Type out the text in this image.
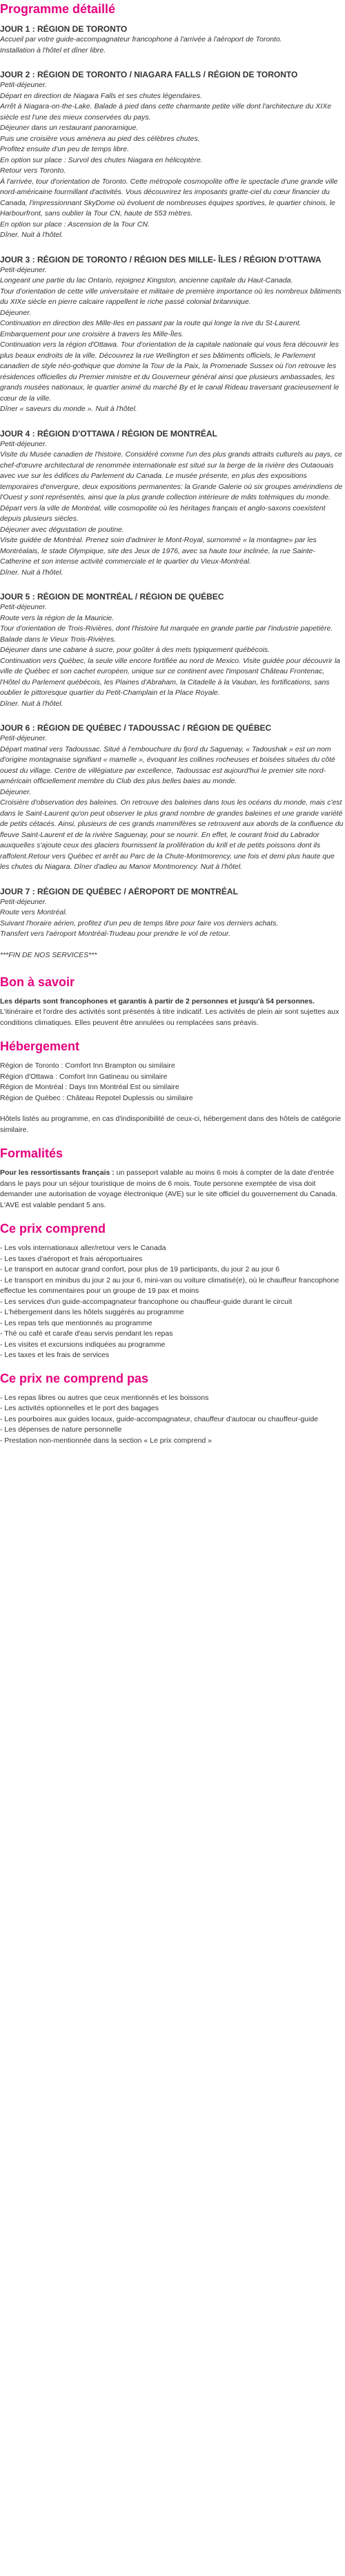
Programme détaillé

JOUR 1 : RÉGION DE TORONTO

Accueil par votre guide-accompagnateur francophone à l'arrivée à l'aéroport de Toronto.

Installation à l'hôtel et dîner libre.

JOUR 2 : RÉGION DE TORONTO / NIAGARA FALLS / RÉGION DE TORONTO

Petit-déjeuner.

Départ en direction de Niagara Falls et ses chutes légendaires.

Arrêt à Niagara-on-the-Lake. Balade à pied dans cette charmante petite ville dont l'architecture du XIXe siècle est l'une des mieux conservées du pays.

Déjeuner dans un restaurant panoramique.

Puis une croisière vous amènera au pied des célèbres chutes.

Profitez ensuite d'un peu de temps libre.

En option sur place : Survol des chutes Niagara en hélicoptère.

Retour vers Toronto.

À l'arrivée, tour d'orientation de Toronto. Cette métropole cosmopolite offre le spectacle d'une grande ville nord-américaine fourmillant d'activités. Vous découvrirez les imposants gratte-ciel du cœur financier du Canada, l'impressionnant SkyDome où évoluent de nombreuses équipes sportives, le quartier chinois, le Harbourfront, sans oublier la Tour CN, haute de 553 mètres.

En option sur place : Ascension de la Tour CN.

Dîner. Nuit à l'hôtel.

JOUR 3 : RÉGION DE TORONTO / RÉGION DES MILLE- ÎLES / RÉGION D'OTTAWA

Petit-déjeuner.

Longeant une partie du lac Ontario, rejoignez Kingston, ancienne capitale du Haut-Canada.

Tour d'orientation de cette ville universitaire et militaire de première importance où les nombreux bâtiments du XIXe siècle en pierre calcaire rappellent le riche passé colonial britannique.

Déjeuner.

Continuation en direction des Mille-Iles en passant par la route qui longe la rive du St-Laurent.

Embarquement pour une croisière à travers les Mille-Îles.

Continuation vers la région d'Ottawa. Tour d'orientation de la capitale nationale qui vous fera découvrir les plus beaux endroits de la ville. Découvrez la rue Wellington et ses bâtiments officiels, le Parlement canadien de style néo-gothique que domine la Tour de la Paix, la Promenade Sussex où l'on retrouve les résidences officielles du Premier ministre et du Gouverneur général ainsi que plusieurs ambassades, les grands musées nationaux, le quartier animé du marché By et le canal Rideau traversant gracieusement le cœur de la ville.

Dîner « saveurs du monde ». Nuit à l'hôtel.

JOUR 4 : RÉGION D'OTTAWA / RÉGION DE MONTRÉAL

Petit-déjeuner.

Visite du Musée canadien de l'histoire. Considéré comme l'un des plus grands attraits culturels au pays, ce chef-d'œuvre architectural de renommée internationale est situé sur la berge de la rivière des Outaouais avec vue sur les édifices du Parlement du Canada. Le musée présente, en plus des expositions temporaires d'envergure, deux expositions permanentes: la Grande Galerie où six groupes amérindiens de l'Ouest y sont représentés, ainsi que la plus grande collection intérieure de mâts totémiques du monde.

Départ vers la ville de Montréal, ville cosmopolite où les héritages français et anglo-saxons coexistent depuis plusieurs siècles.

Déjeuner avec dégustation de poutine.

Visite guidée de Montréal. Prenez soin d'admirer le Mont-Royal, surnommé « la montagne» par les Montréalais, le stade Olympique, site des Jeux de 1976, avec sa haute tour inclinée, la rue Sainte-Catherine et son intense activité commerciale et le quartier du Vieux-Montréal.

Dîner. Nuit à l'hôtel.

JOUR 5 : RÉGION DE MONTRÉAL / RÉGION DE QUÉBEC

Petit-déjeuner.

Route vers la région de la Mauricie.

Tour d'orientation de Trois-Rivières, dont l'histoire fut marquée en grande partie par l'industrie papetière. Balade dans le Vieux Trois-Rivières.

Déjeuner dans une cabane à sucre, pour goûter à des mets typiquement québécois.

Continuation vers Québec, la seule ville encore fortifiée au nord de Mexico. Visite guidée pour découvrir la ville de Québec et son cachet européen, unique sur ce continent avec l'imposant Château Frontenac, l'Hôtel du Parlement québécois, les Plaines d'Abraham, la Citadelle à la Vauban, les fortifications, sans oublier le pittoresque quartier du Petit-Champlain et la Place Royale.

Dîner. Nuit à l'hôtel.

JOUR 6 : RÉGION DE QUÉBEC / TADOUSSAC / RÉGION DE QUÉBEC

Petit-déjeuner.

Départ matinal vers Tadoussac. Situé à l'embouchure du fjord du Saguenay, « Tadoushak » est un nom d'origine montagnaise signifiant « mamelle », évoquant les collines rocheuses et boisées situées du côté ouest du village. Centre de villégiature par excellence, Tadoussac est aujourd'hui le premier site nord-américain officiellement membre du Club des plus belles baies au monde.

Déjeuner.

Croisière d'observation des baleines. On retrouve des baleines dans tous les océans du monde, mais c'est dans le Saint-Laurent qu'on peut observer le plus grand nombre de grandes baleines et une grande variété de petits cétacés. Ainsi, plusieurs de ces grands mammifères se retrouvent aux abords de la confluence du fleuve Saint-Laurent et de la rivière Saguenay, pour se nourrir. En effet, le courant froid du Labrador auxquelles s'ajoute ceux des glaciers fournissent la prolifération du krill et de petits poissons dont ils raffolent.Retour vers Québec et arrêt au Parc de la Chute-Montmorency, une fois et demi plus haute que les chutes du Niagara. Dîner d'adieu au Manoir Montmorency. Nuit à l'hôtel.

JOUR 7 : RÉGION DE QUÉBEC / AÉROPORT DE MONTRÉAL

Petit-déjeuner.

Route vers Montréal.

Suivant l'horaire aérien, profitez d'un peu de temps libre pour faire vos derniers achats.

Transfert vers l'aéroport Montréal-Trudeau pour prendre le vol de retour.

***FIN DE NOS SERVICES***

Bon à savoir

Les départs sont francophones et garantis à partir de 2 personnes et jusqu'à 54 personnes.

L'itinéraire et l'ordre des activités sont présentés à titre indicatif. Les activités de plein air sont sujettes aux conditions climatiques. Elles peuvent être annulées ou remplacées sans préavis.

Hébergement

Région de Toronto : Comfort Inn Brampton ou similaire

Région d'Ottawa : Comfort Inn Gatineau ou similaire

Région de Montréal : Days Inn Montréal Est ou similaire

Région de Québec : Château Repotel Duplessis ou similaire

Hôtels listés au programme, en cas d'indisponibilité de ceux-ci, hébergement dans des hôtels de catégorie similaire.

Formalités

Pour les ressortissants français : un passeport valable au moins 6 mois à compter de la date d'entrée dans le pays pour un séjour touristique de moins de 6 mois. Toute personne exemptée de visa doit demander une autorisation de voyage électronique (AVE) sur le site officiel du gouvernement du Canada. L'AVE est valable pendant 5 ans.

Ce prix comprend
- Les vols internationaux aller/retour vers le Canada
- Les taxes d'aéroport et frais aéroportuaires
- Le transport en autocar grand confort, pour plus de 19 participants, du jour 2 au jour 6
- Le transport en minibus du jour 2 au jour 6, mini-van ou voiture climatisé(e), où le chauffeur francophone effectue les commentaires pour un groupe de 19 pax et moins
- Les services d'un guide-accompagnateur francophone ou chauffeur-guide durant le circuit
- L'hébergement dans les hôtels suggérés au programme
- Les repas tels que mentionnés au programme
- Thé ou café et carafe d'eau servis pendant les repas
- Les visites et excursions indiquées au programme
- Les taxes et les frais de services
Ce prix ne comprend pas
- Les repas libres ou autres que ceux mentionnés et les boissons
- Les activités optionnelles et le port des bagages
- Les pourboires aux guides locaux, guide-accompagnateur, chauffeur d'autocar ou chauffeur-guide
- Les dépenses de nature personnelle
- Prestation non-mentionnée dans la section « Le prix comprend »
